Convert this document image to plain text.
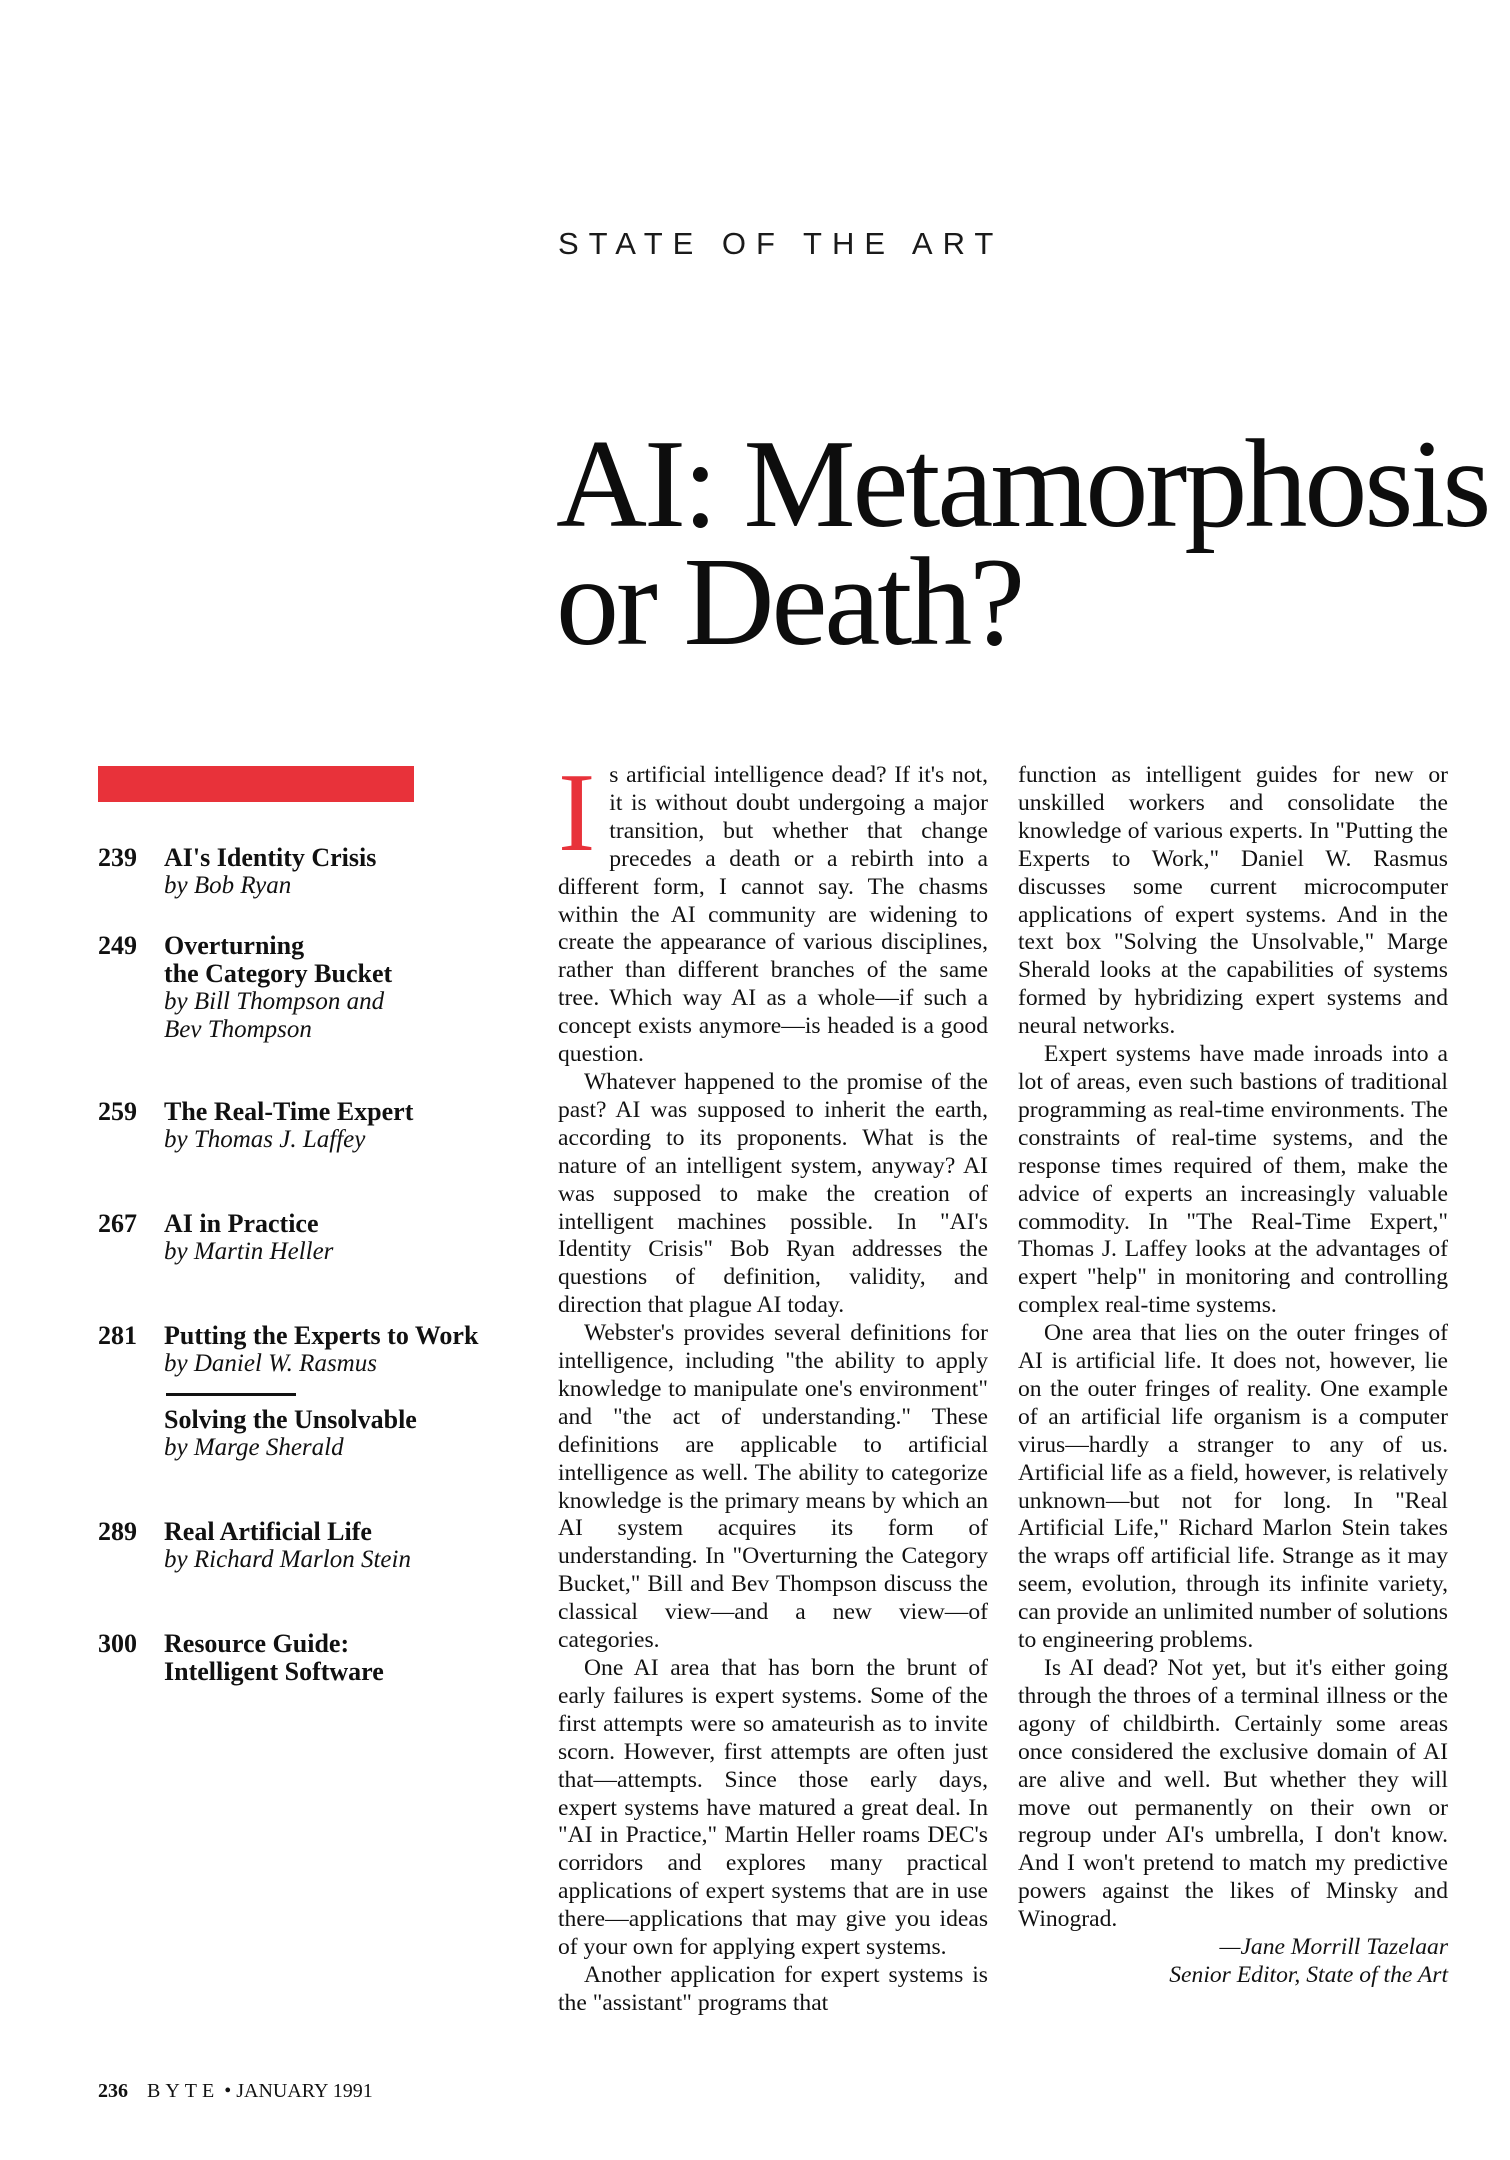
STATE OF THE ART
AI: Metamorphosis
or Death?
239	AI's Identity Crisis
by Bob Ryan
249	Overturning
the Category Bucket
by Bill Thompson and
Bev Thompson
259	The Real-Time Expert
by Thomas J. Laffey
267	AI in Practice
by Martin Heller
281	Putting the Experts to Work
by Daniel W. Rasmus
Solving the Unsolvable
by Marge Sherald
289	Real Artificial Life
by Richard Marlon Stein
300	Resource Guide:
Intelligent Software

Is artificial intelligence dead? If it's not, it is without doubt undergoing a major transition, but whether that change precedes a death or a rebirth into a different form, I cannot say. The chasms within the AI community are widening to create the appearance of various disciplines, rather than different branches of the same tree. Which way AI as a whole—if such a concept exists anymore—is headed is a good question.

Whatever happened to the promise of the past? AI was supposed to inherit the earth, according to its proponents. What is the nature of an intelligent system, anyway? AI was supposed to make the creation of intelligent machines possible. In "AI's Identity Crisis" Bob Ryan addresses the questions of definition, validity, and direction that plague AI today.

Webster's provides several definitions for intelligence, including "the ability to apply knowledge to manipulate one's environment" and "the act of understanding." These definitions are applicable to artificial intelligence as well. The ability to categorize knowledge is the primary means by which an AI system acquires its form of understanding. In "Overturning the Category Bucket," Bill and Bev Thompson discuss the classical view—and a new view—of categories.

One AI area that has born the brunt of early failures is expert systems. Some of the first attempts were so amateurish as to invite scorn. However, first attempts are often just that—attempts. Since those early days, expert systems have matured a great deal. In "AI in Practice," Martin Heller roams DEC's corridors and explores many practical applications of expert systems that are in use there—applications that may give you ideas of your own for applying expert systems.

Another application for expert systems is the "assistant" programs that

function as intelligent guides for new or unskilled workers and consolidate the knowledge of various experts. In "Putting the Experts to Work," Daniel W. Rasmus discusses some current microcomputer applications of expert systems. And in the text box "Solving the Unsolvable," Marge Sherald looks at the capabilities of systems formed by hybridizing expert systems and neural networks.

Expert systems have made inroads into a lot of areas, even such bastions of traditional programming as real-time environments. The constraints of real-time systems, and the response times required of them, make the advice of experts an increasingly valuable commodity. In "The Real-Time Expert," Thomas J. Laffey looks at the advantages of expert "help" in monitoring and controlling complex real-time systems.

One area that lies on the outer fringes of AI is artificial life. It does not, however, lie on the outer fringes of reality. One example of an artificial life organism is a computer virus—hardly a stranger to any of us. Artificial life as a field, however, is relatively unknown—but not for long. In "Real Artificial Life," Richard Marlon Stein takes the wraps off artificial life. Strange as it may seem, evolution, through its infinite variety, can provide an unlimited number of solutions to engineering problems.

Is AI dead? Not yet, but it's either going through the throes of a terminal illness or the agony of childbirth. Certainly some areas once considered the exclusive domain of AI are alive and well. But whether they will move out permanently on their own or regroup under AI's umbrella, I don't know. And I won't pretend to match my predictive powers against the likes of Minsky and Winograd.

—Jane Morrill Tazelaar

Senior Editor, State of the Art

236 BYTE • JANUARY 1991
